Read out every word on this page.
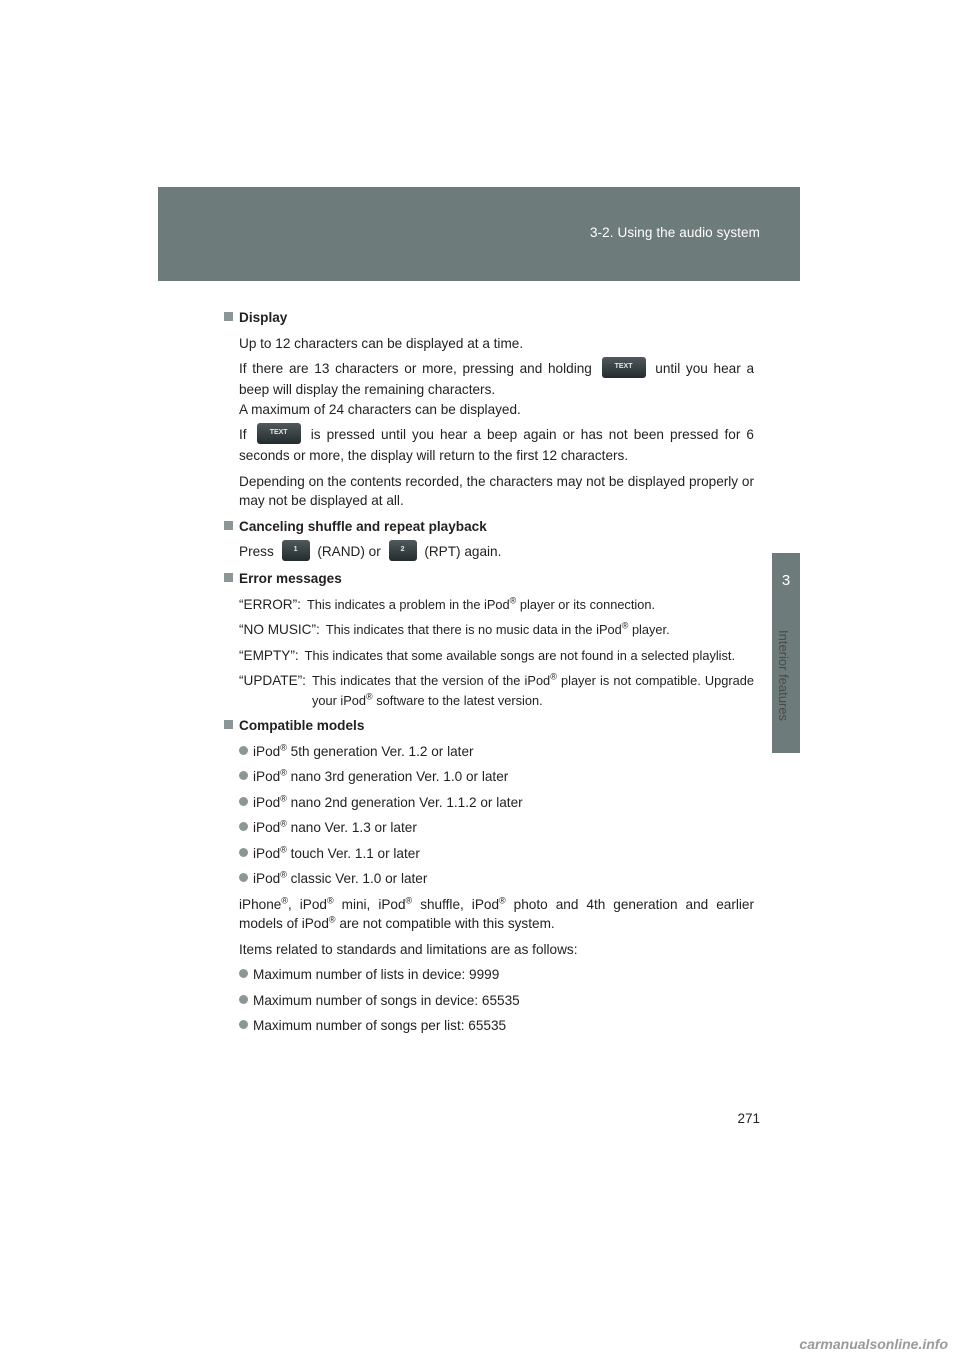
3-2. Using the audio system
3
Interior features
Display

Up to 12 characters can be displayed at a time.

If there are 13 characters or more, pressing and holding	TEXT until you hear a beep will display the remaining characters.
A maximum of 24 characters can be displayed.

If	TEXT is pressed until you hear a beep again or has not been pressed for 6 seconds or more, the display will return to the first 12 characters.

Depending on the contents recorded, the characters may not be displayed properly or may not be displayed at all.

Canceling shuffle and repeat playback

Press	1 (RAND) or	2 (RPT) again.

Error messages
“ERROR”: This indicates a problem in the iPod® player or its connection.
“NO MUSIC”: This indicates that there is no music data in the iPod® player.
“EMPTY”: This indicates that some available songs are not found in a selected playlist.
“UPDATE”: This indicates that the version of the iPod® player is not compatible. Upgrade your iPod® software to the latest version.
Compatible models
iPod® 5th generation Ver. 1.2 or later
iPod® nano 3rd generation Ver. 1.0 or later
iPod® nano 2nd generation Ver. 1.1.2 or later
iPod® nano Ver. 1.3 or later
iPod® touch Ver. 1.1 or later
iPod® classic Ver. 1.0 or later

iPhone®, iPod® mini, iPod® shuffle, iPod® photo and 4th generation and earlier models of iPod® are not compatible with this system.

Items related to standards and limitations are as follows:

Maximum number of lists in device: 9999
Maximum number of songs in device: 65535
Maximum number of songs per list: 65535
271
carmanualsonline.info
